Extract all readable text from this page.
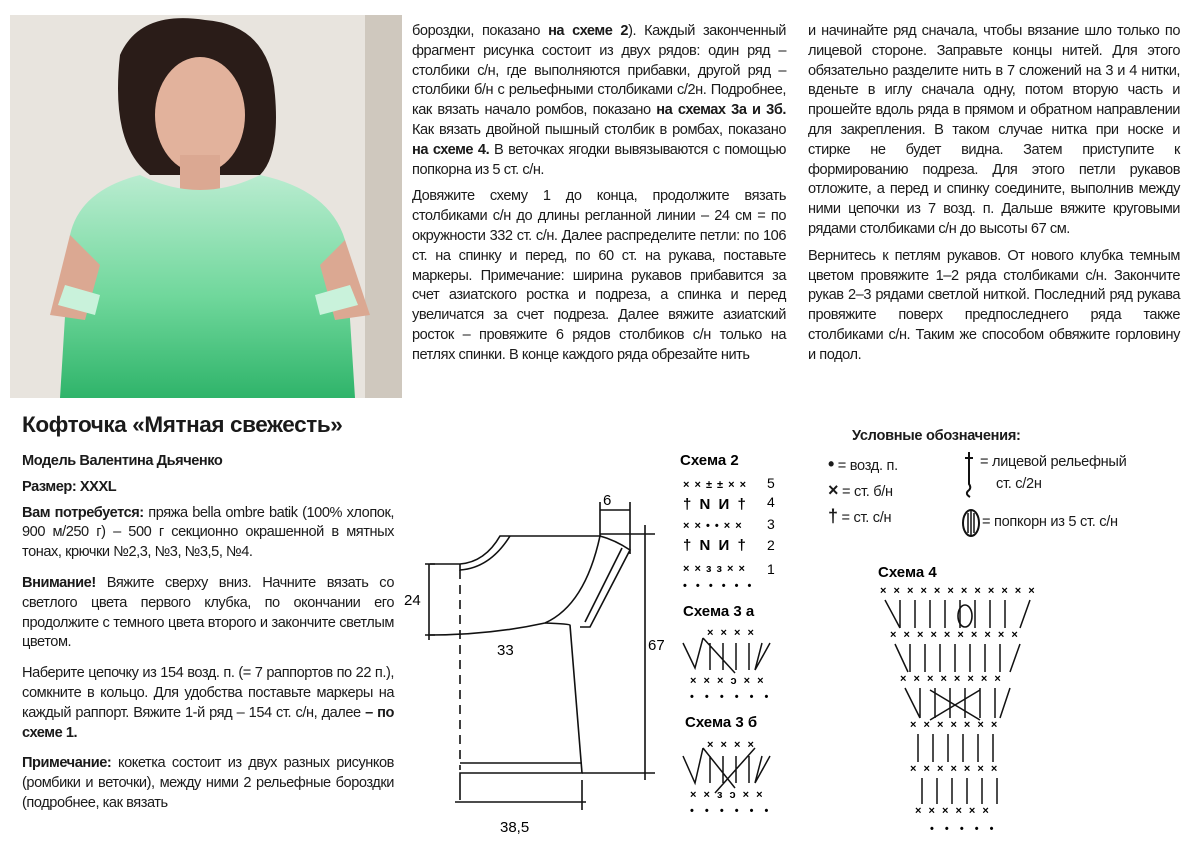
Кофточка «Мятная свежесть»

Модель Валентина Дьяченко

Размер: XXXL

Вам потребуется: пряжа bella ombre batik (100% хлопок, 900 м/250 г) – 500 г секционно окрашенной в мятных тонах, крючки №2,3, №3, №3,5, №4.

Внимание! Вяжите сверху вниз. Начните вязать со светлого цвета первого клубка, по окончании его продолжите с темного цвета второго и закончите светлым цветом.

Наберите цепочку из 154 возд. п. (= 7 раппортов по 22 п.), сомкните в кольцо. Для удобства поставьте маркеры на каждый раппорт. Вяжите 1-й ряд – 154 ст. с/н, далее – по схеме 1.

Примечание: кокетка состоит из двух разных рисунков (ромбики и веточки), между ними 2 рельефные бороздки (подробнее, как вязать

бороздки, показано на схеме 2). Каждый законченный фрагмент рисунка состоит из двух рядов: один ряд – столбики с/н, где выполняются прибавки, другой ряд – столбики б/н с рельефными столбиками с/2н. Подробнее, как вязать начало ромбов, показано на схемах 3а и 3б. Как вязать двойной пышный столбик в ромбах, показано на схеме 4. В веточках ягодки вывязываются с помощью попкорна из 5 ст. с/н.

Довяжите схему 1 до конца, продолжите вязать столбиками с/н до длины регланной линии – 24 см = по окружности 332 ст. с/н. Далее распределите петли: по 106 ст. на спинку и перед, по 60 ст. на рукава, поставьте маркеры. Примечание: ширина рукавов прибавится за счет азиатского ростка и подреза, а спинка и перед увеличатся за счет подреза. Далее вяжите азиатский росток – провяжите 6 рядов столбиков с/н только на петлях спинки. В конце каждого ряда обрезайте нить

и начинайте ряд сначала, чтобы вязание шло только по лицевой стороне. Заправьте концы нитей. Для этого обязательно разделите нить в 7 сложений на 3 и 4 нитки, вденьте в иглу сначала одну, потом вторую часть и прошейте вдоль ряда в прямом и обратном направлении для закрепления. В таком случае нитка при носке и стирке не будет видна. Затем приступите к формированию подреза. Для этого петли рукавов отложите, а перед и спинку соедините, выполнив между ними цепочки из 7 возд. п. Дальше вяжите круговыми рядами столбиками с/н до высоты 67 см.

Вернитесь к петлям рукавов. От нового клубка темным цветом провяжите 1–2 ряда столбиками с/н. Закончите рукав 2–3 рядами светлой ниткой. Последний ряд рукава провяжите поверх предпоследнего ряда также столбиками с/н. Таким же способом обвяжите горловину и подол.

Условные обозначения:
• = возд. п.
× = ст. б/н
† = ст. с/н
= лицевой рельефный
ст. с/2н
= попкорн из 5 ст. с/н
6
24
33	67
38,5
Схема 2
× × ± ± × ×
† N И †
× × • • × ×
† N И †
× × ɜ ɜ × ×
• • • • • •
5
4
3
2
1
Схема 3 а
× × × ×
× × × ɔ × ×
• • • • • •
Схема 3 б
× × × ×
× × ɜ ɔ × ×
• • • • • •
Схема 4
× × × × × × × × × × × ×
× × × × × × × × × ×
× × × × × × × ×
× × × × × × ×
× × × × × × ×
× × × × × ×
• • • • •
